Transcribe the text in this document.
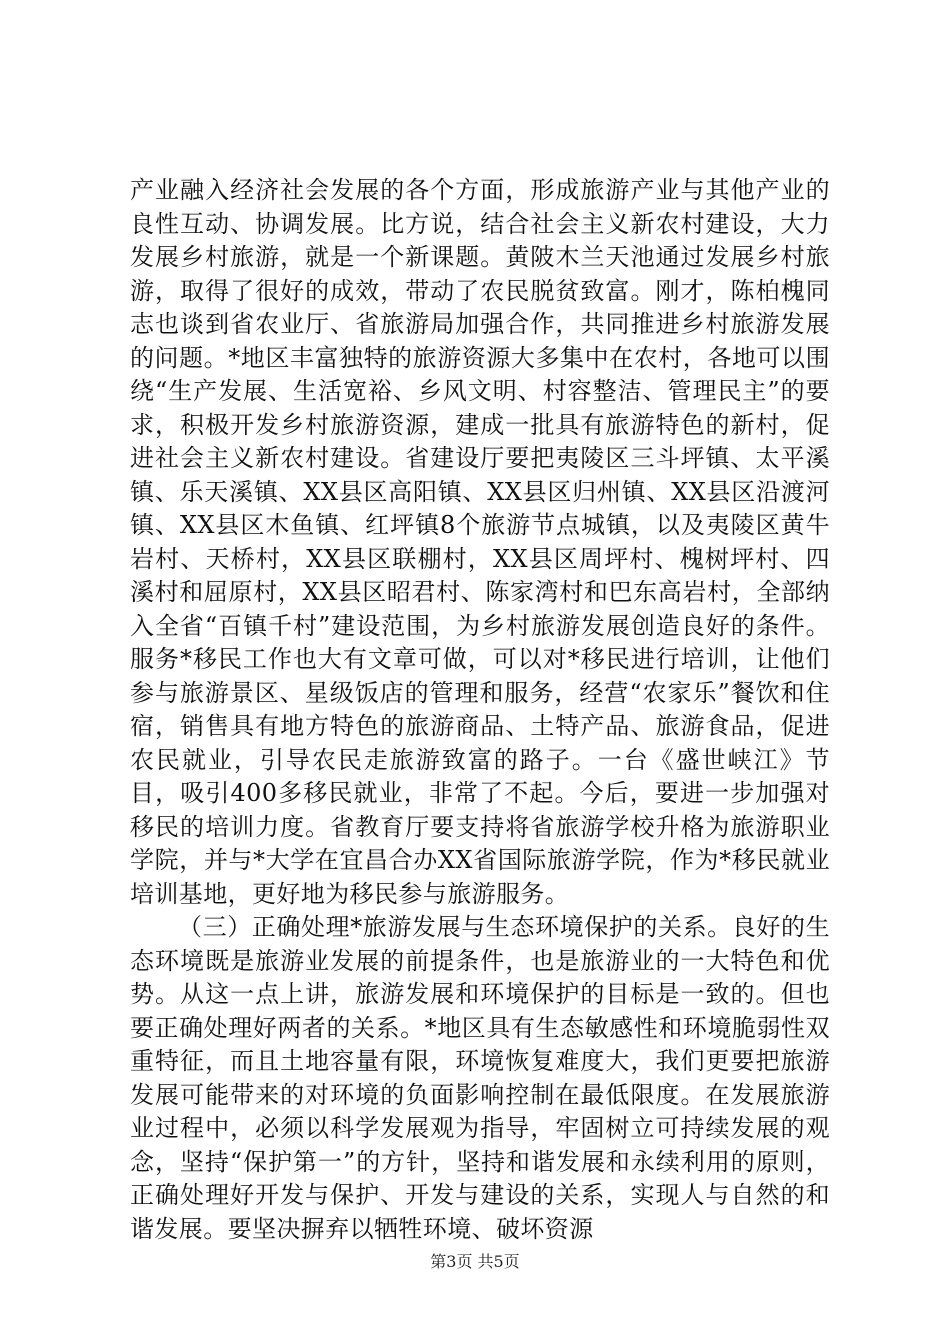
产业融入经济社会发展的各个方面，形成旅游产业与其他产业的良性互动、协调发展。比方说，结合社会主义新农村建设，大力发展乡村旅游，就是一个新课题。黄陂木兰天池通过发展乡村旅游，取得了很好的成效，带动了农民脱贫致富。刚才，陈柏槐同志也谈到省农业厅、省旅游局加强合作，共同推进乡村旅游发展的问题。*地区丰富独特的旅游资源大多集中在农村，各地可以围绕“生产发展、生活宽裕、乡风文明、村容整洁、管理民主”的要求，积极开发乡村旅游资源，建成一批具有旅游特色的新村，促进社会主义新农村建设。省建设厅要把夷陵区三斗坪镇、太平溪镇、乐天溪镇、XX县区高阳镇、XX县区归州镇、XX县区沿渡河镇、XX县区木鱼镇、红坪镇8个旅游节点城镇，以及夷陵区黄牛岩村、天桥村，XX县区联棚村，XX县区周坪村、槐树坪村、四溪村和屈原村，XX县区昭君村、陈家湾村和巴东高岩村，全部纳入全省“百镇千村”建设范围，为乡村旅游发展创造良好的条件。服务*移民工作也大有文章可做，可以对*移民进行培训，让他们参与旅游景区、星级饭店的管理和服务，经营“农家乐”餐饮和住宿，销售具有地方特色的旅游商品、土特产品、旅游食品，促进农民就业，引导农民走旅游致富的路子。一台《盛世峡江》节目，吸引400多移民就业，非常了不起。今后，要进一步加强对移民的培训力度。省教育厅要支持将省旅游学校升格为旅游职业学院，并与*大学在宜昌合办XX省国际旅游学院，作为*移民就业培训基地，更好地为移民参与旅游服务。

（三）正确处理*旅游发展与生态环境保护的关系。良好的生态环境既是旅游业发展的前提条件，也是旅游业的一大特色和优势。从这一点上讲，旅游发展和环境保护的目标是一致的。但也要正确处理好两者的关系。*地区具有生态敏感性和环境脆弱性双重特征，而且土地容量有限，环境恢复难度大，我们更要把旅游发展可能带来的对环境的负面影响控制在最低限度。在发展旅游业过程中，必须以科学发展观为指导，牢固树立可持续发展的观念，坚持“保护第一”的方针，坚持和谐发展和永续利用的原则，正确处理好开发与保护、开发与建设的关系，实现人与自然的和谐发展。要坚决摒弃以牺牲环境、破坏资源

第3页 共5页
